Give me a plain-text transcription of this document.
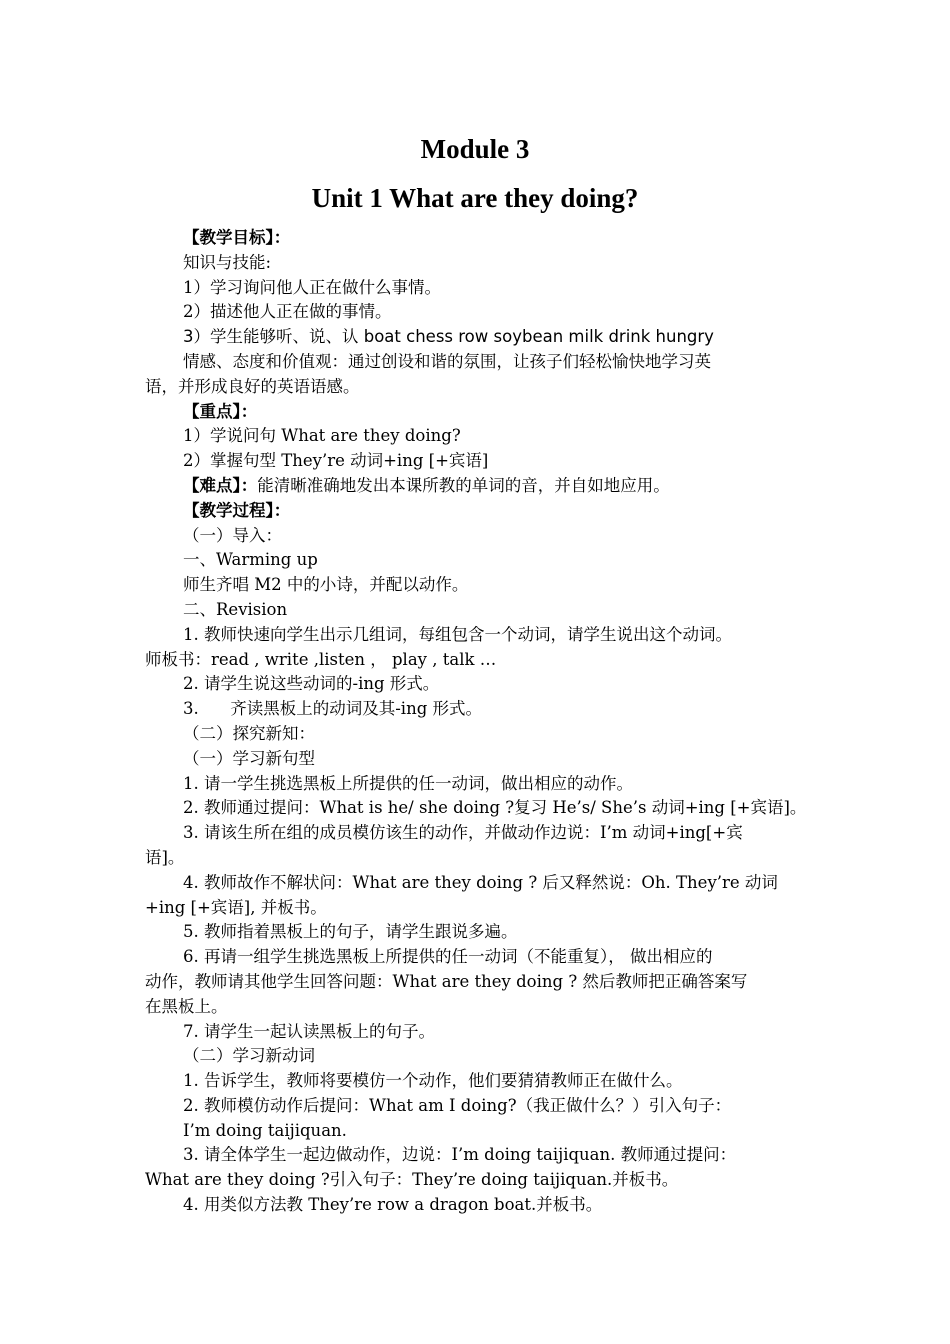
Module 3
Unit 1 What are they doing?

【教学目标】：

知识与技能:

1）学习询问他人正在做什么事情。

2）描述他人正在做的事情。

3）学生能够听、说、认 boat chess row soybean milk drink hungry

情感、态度和价值观：通过创设和谐的氛围，让孩子们轻松愉快地学习英

语，并形成良好的英语语感。

【重点】：

1）学说问句 What are they doing?

2）掌握句型 They’re 动词+ing [+宾语]

【难点】：能清晰准确地发出本课所教的单词的音，并自如地应用。

【教学过程】：

（一）导入：

一、Warming up

师生齐唱 M2 中的小诗，并配以动作。

二、Revision

1. 教师快速向学生出示几组词，每组包含一个动词，请学生说出这个动词。

师板书：read , write ,listen ， play , talk …

2. 请学生说这些动词的-ing 形式。

3.      齐读黑板上的动词及其-ing 形式。

（二）探究新知：

（一）学习新句型

1. 请一学生挑选黑板上所提供的任一动词，做出相应的动作。

2. 教师通过提问：What is he/ she doing ?复习 He’s/ She’s 动词+ing [+宾语]。

3. 请该生所在组的成员模仿该生的动作，并做动作边说：I’m 动词+ing[+宾

语]。

4. 教师故作不解状问：What are they doing ? 后又释然说：Oh. They’re 动词

+ing [+宾语], 并板书。

5. 教师指着黑板上的句子，请学生跟说多遍。

6. 再请一组学生挑选黑板上所提供的任一动词（不能重复）， 做出相应的

动作，教师请其他学生回答问题：What are they doing ? 然后教师把正确答案写

在黑板上。

7. 请学生一起认读黑板上的句子。

（二）学习新动词

1. 告诉学生，教师将要模仿一个动作，他们要猜猜教师正在做什么。

2. 教师模仿动作后提问：What am I doing?（我正做什么？）引入句子：

I’m doing taijiquan.

3. 请全体学生一起边做动作，边说：I’m doing taijiquan. 教师通过提问：

What are they doing ?引入句子：They’re doing taijiquan.并板书。

4. 用类似方法教 They’re row a dragon boat.并板书。
